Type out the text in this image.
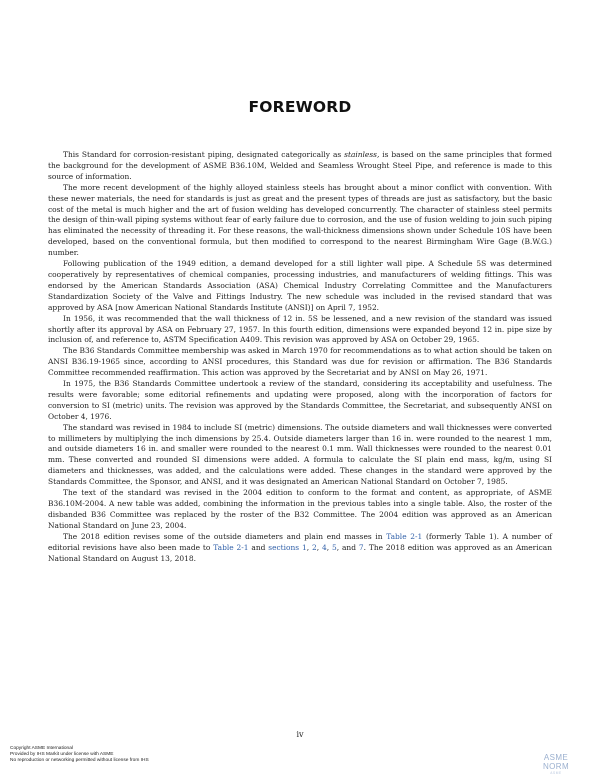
FOREWORD

This Standard for corrosion-resistant piping, designated categorically as stainless, is based on the same principles that formed the background for the development of ASME B36.10M, Welded and Seamless Wrought Steel Pipe, and reference is made to this source of information.

The more recent development of the highly alloyed stainless steels has brought about a minor conflict with convention. With these newer materials, the need for standards is just as great and the present types of threads are just as satisfactory, but the basic cost of the metal is much higher and the art of fusion welding has developed concurrently. The character of stainless steel permits the design of thin-wall piping systems without fear of early failure due to corrosion, and the use of fusion welding to join such piping has eliminated the necessity of threading it. For these reasons, the wall-thickness dimensions shown under Schedule 10S have been developed, based on the conventional formula, but then modified to correspond to the nearest Birmingham Wire Gage (B.W.G.) number.

Following publication of the 1949 edition, a demand developed for a still lighter wall pipe. A Schedule 5S was determined cooperatively by representatives of chemical companies, processing industries, and manufacturers of welding fittings. This was endorsed by the American Standards Association (ASA) Chemical Industry Correlating Committee and the Manufacturers Standardization Society of the Valve and Fittings Industry. The new schedule was included in the revised standard that was approved by ASA [now American National Standards Institute (ANSI)] on April 7, 1952.

In 1956, it was recommended that the wall thickness of 12 in. 5S be lessened, and a new revision of the standard was issued shortly after its approval by ASA on February 27, 1957. In this fourth edition, dimensions were expanded beyond 12 in. pipe size by inclusion of, and reference to, ASTM Specification A409. This revision was approved by ASA on October 29, 1965.

The B36 Standards Committee membership was asked in March 1970 for recommendations as to what action should be taken on ANSI B36.19-1965 since, according to ANSI procedures, this Standard was due for revision or affirmation. The B36 Standards Committee recommended reaffirmation. This action was approved by the Secretariat and by ANSI on May 26, 1971.

In 1975, the B36 Standards Committee undertook a review of the standard, considering its acceptability and usefulness. The results were favorable; some editorial refinements and updating were proposed, along with the incorporation of factors for conversion to SI (metric) units. The revision was approved by the Standards Committee, the Secretariat, and subsequently ANSI on October 4, 1976.

The standard was revised in 1984 to include SI (metric) dimensions. The outside diameters and wall thicknesses were converted to millimeters by multiplying the inch dimensions by 25.4. Outside diameters larger than 16 in. were rounded to the nearest 1 mm, and outside diameters 16 in. and smaller were rounded to the nearest 0.1 mm. Wall thicknesses were rounded to the nearest 0.01 mm. These converted and rounded SI dimensions were added. A formula to calculate the SI plain end mass, kg/m, using SI diameters and thicknesses, was added, and the calculations were added. These changes in the standard were approved by the Standards Committee, the Sponsor, and ANSI, and it was designated an American National Standard on October 7, 1985.

The text of the standard was revised in the 2004 edition to conform to the format and content, as appropriate, of ASME B36.10M-2004. A new table was added, combining the information in the previous tables into a single table. Also, the roster of the disbanded B36 Committee was replaced by the roster of the B32 Committee. The 2004 edition was approved as an American National Standard on June 23, 2004.

The 2018 edition revises some of the outside diameters and plain end masses in Table 2-1 (formerly Table 1). A number of editorial revisions have also been made to Table 2-1 and sections 1, 2, 4, 5, and 7. The 2018 edition was approved as an American National Standard on August 13, 2018.

iv
Copyright ASME International
Provided by IHS Markit under license with ASME
No reproduction or networking permitted without license from IHS	ASME NORM
ASME
